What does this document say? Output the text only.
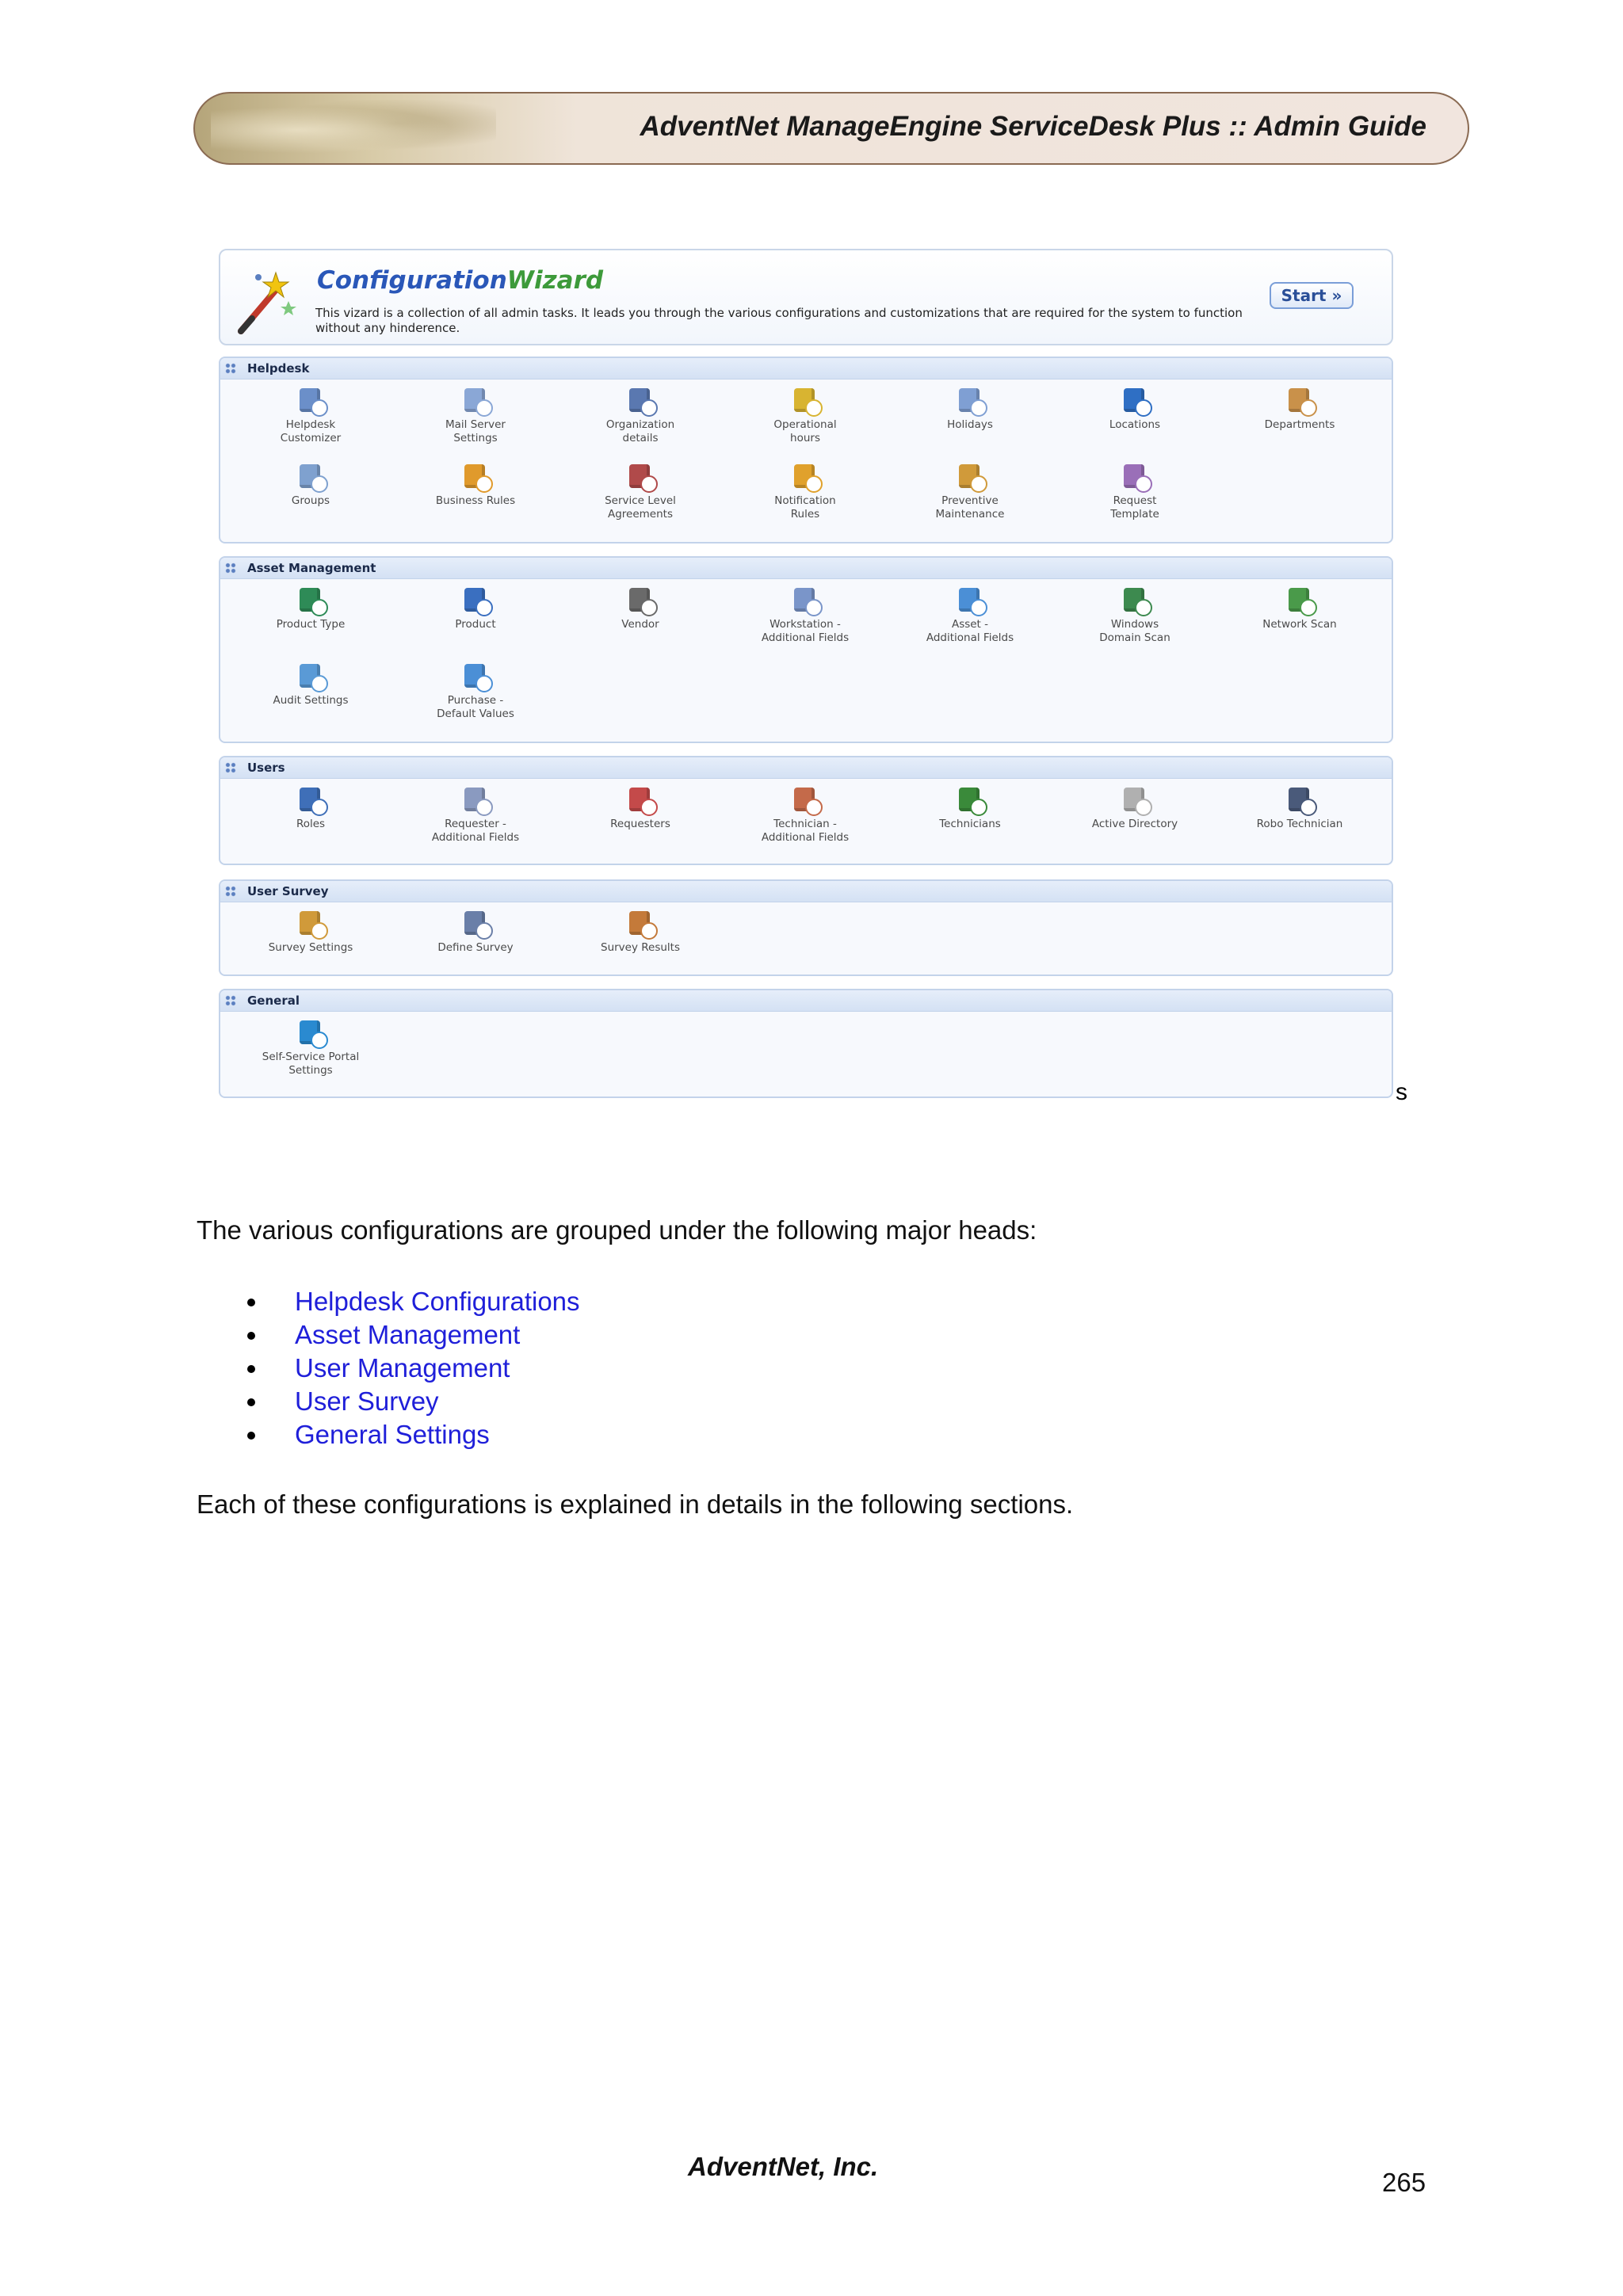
AdventNet ManageEngine ServiceDesk Plus :: Admin Guide
ConfigurationWizard
This vizard is a collection of all admin tasks. It leads you through the various configurations and customizations that are required for the system to function without any hinderence.
Start »
Helpdesk
Helpdesk
Customizer
Mail Server
Settings
Organization
details
Operational
hours
Holidays	Locations	Departments
Groups	Business Rules	Service Level
Agreements
Notification
Rules
Preventive
Maintenance
Request
Template
Asset Management
Product Type	Product	Vendor	Workstation -
Additional Fields
Asset -
Additional Fields
Windows
Domain Scan
Network Scan
Audit Settings	Purchase -
Default Values
Users
Roles	Requester -
Additional Fields
Requesters	Technician -
Additional Fields
Technicians	Active Directory	Robo Technician
User Survey
Survey Settings	Define Survey	Survey Results
General
Self-Service Portal
Settings
s
The various configurations are grouped under the following major heads:
Helpdesk Configurations
Asset Management
User Management
User Survey
General Settings
Each of these configurations is explained in details in the following sections.
AdventNet, Inc.
265
